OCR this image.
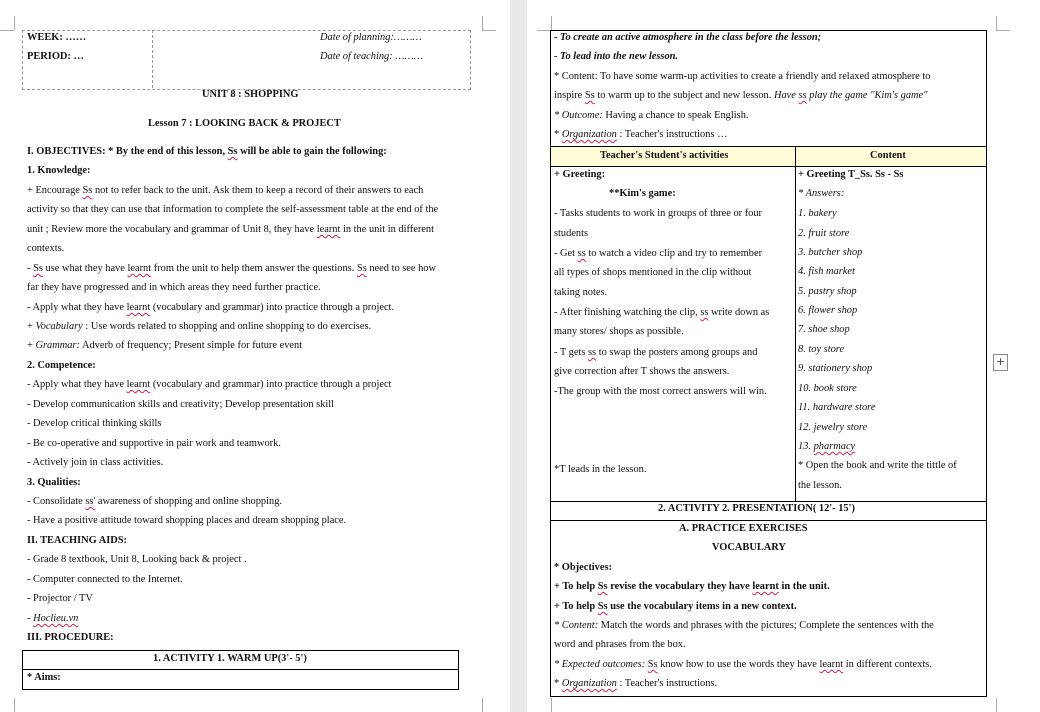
WEEK: ……
PERIOD: …
Date of planning:………
Date of teaching: ………
UNIT 8 : SHOPPING
Lesson 7 : LOOKING BACK & PROJECT
I. OBJECTIVES: * By the end of this lesson, Ss will be able to gain the following:
1. Knowledge:
+ Encourage Ss not to refer back to the unit. Ask them to keep a record of their answers to each
activity so that they can use that information to complete the self-assessment table at the end of the
unit ; Review more the vocabulary and grammar of Unit 8, they have learnt in the unit in different
contexts.
- Ss use what they have learnt from the unit to help them answer the questions. Ss need to see how
far they have progressed and in which areas they need further practice.
- Apply what they have learnt (vocabulary and grammar) into practice through a project.
+ Vocabulary : Use words related to shopping and online shopping to do exercises.
+ Grammar: Adverb of frequency; Present simple for future event
2. Competence:
- Apply what they have learnt (vocabulary and grammar) into practice through a project
- Develop communication skills and creativity; Develop presentation skill
- Develop critical thinking skills
- Be co-operative and supportive in pair work and teamwork.
- Actively join in class activities.
3. Qualities:
- Consolidate ss' awareness of shopping and online shopping.
- Have a positive attitude toward shopping places and dream shopping place.
II. TEACHING AIDS:
- Grade 8 textbook, Unit 8, Looking back & project .
- Computer connected to the Internet.
- Projector / TV
- Hoclieu.vn
III. PROCEDURE:
1. ACTIVITY 1. WARM UP(3'- 5')
* Aims:
- To create an active atmosphere in the class before the lesson;
- To lead into the new lesson.
* Content: To have some warm-up activities to create a friendly and relaxed atmosphere to
inspire Ss to warm up to the subject and new lesson. Have ss play the game "Kim's game"
* Outcome: Having a chance to speak English.
* Organization : Teacher's instructions …
Teacher's Student's activities	Content
+ Greeting:
**Kim's game:
- Tasks students to work in groups of three or four
students
- Get ss to watch a video clip and try to remember
all types of shops mentioned in the clip without
taking notes.
- After finishing watching the clip, ss write down as
many stores/ shops as possible.
- T gets ss to swap the posters among groups and
give correction after T shows the answers.
-The group with the most correct answers will win.
*T leads in the lesson.
+ Greeting T_Ss. Ss - Ss
* Answers:
1. bakery
2. fruit store
3. butcher shop
4. fish market
5. pastry shop
6. flower shop
7. shoe shop
8. toy store
9. stationery shop
10. book store
11. hardware store
12. jewelry store
13. pharmacy
* Open the book and write the tittle of
the lesson.
2. ACTIVITY 2. PRESENTATION( 12'- 15')
A. PRACTICE EXERCISES
VOCABULARY
* Objectives:
+ To help Ss revise the vocabulary they have learnt in the unit.
+ To help Ss use the vocabulary items in a new context.
* Content: Match the words and phrases with the pictures; Complete the sentences with the
word and phrases from the box.
* Expected outcomes: Ss know how to use the words they have learnt in different contexts.
* Organization : Teacher's instructions.
+
